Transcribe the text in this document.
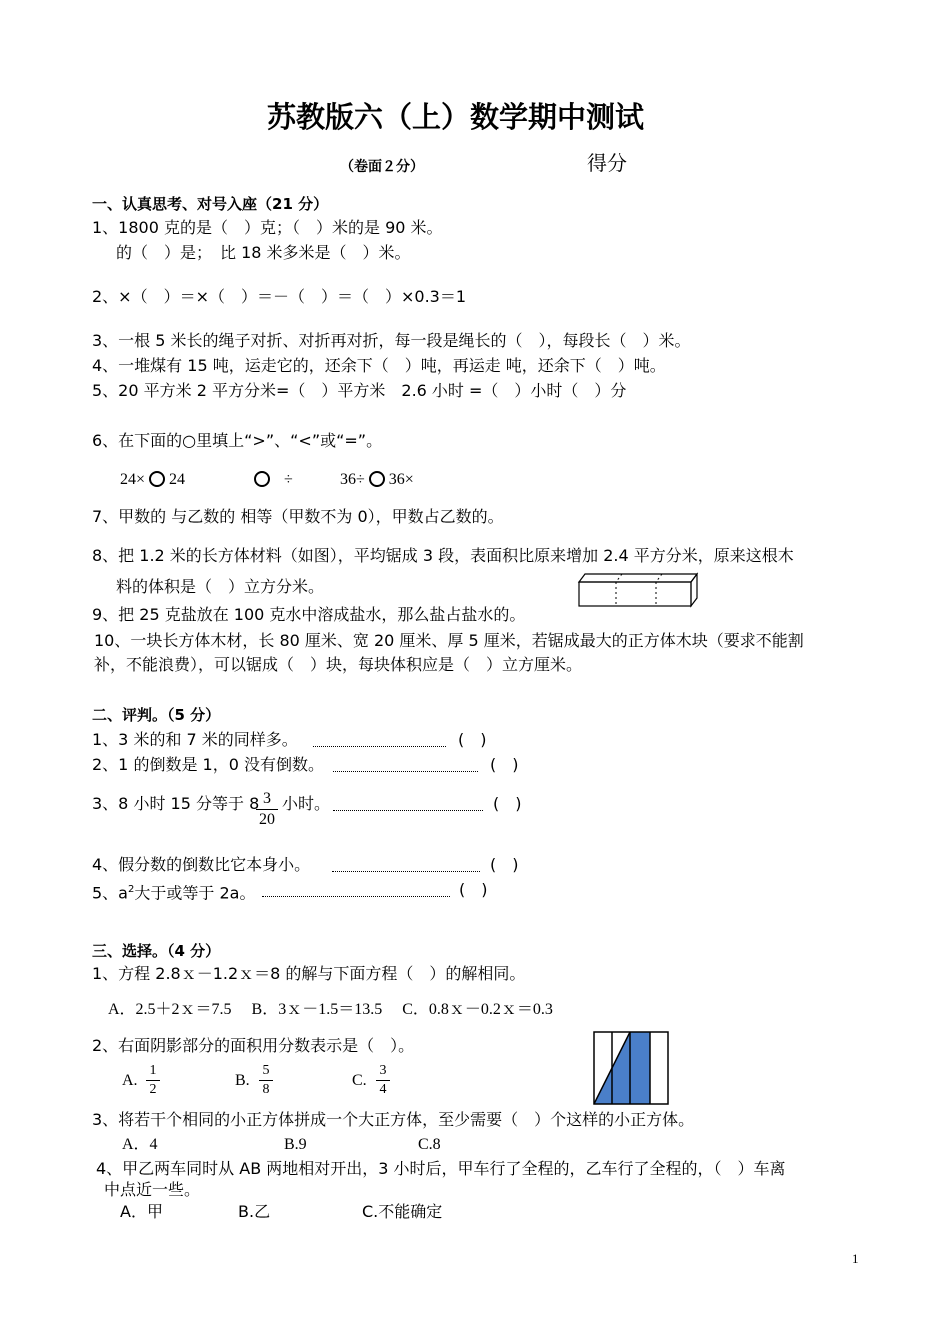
苏教版六（上）数学期中测试
（卷面２分）	得分
一、认真思考、对号入座（21 分）
1、1800 克的是（　）克；（　）米的是 90 米。
的（　）是；　比 18 米多米是（　）米。
2、×（　）＝×（　）＝－（　）＝（　）×0.3＝1
3、一根 5 米长的绳子对折、对折再对折，每一段是绳长的（　），每段长（　）米。
4、一堆煤有 15 吨，运走它的，还余下（　）吨，再运走 吨，还余下（　）吨。
5、20 平方米 2 平方分米=（　）平方米　2.6 小时 =（　）小时（　）分
6、在下面的○里填上“>”、“<”或“=”。
24× 24	÷	36÷ 36×
7、甲数的 与乙数的 相等（甲数不为 0），甲数占乙数的。
8、把 1.2 米的长方体材料（如图），平均锯成 3 段，表面积比原来增加 2.4 平方分米，原来这根木
料的体积是（　）立方分米。
9、把 25 克盐放在 100 克水中溶成盐水，那么盐占盐水的。
10、一块长方体木材，长 80 厘米、宽 20 厘米、厚 5 厘米，若锯成最大的正方体木块（要求不能割
补，不能浪费），可以锯成（　）块，每块体积应是（　）立方厘米。
二、评判。（5 分）
1、3 米的和 7 米的同样多。	(　)
2、1 的倒数是 1，0 没有倒数。	(　)
3、8 小时 15 分等于 8 3
20
小时。	(　)
4、假分数的倒数比它本身小。	(　)
5、$a^2$大于或等于 2a。	(　)
三、选择。（4 分）
1、方程 2.8ｘ－1.2ｘ＝8 的解与下面方程（　）的解相同。
A．2.5＋2ｘ＝7.5　 B．3ｘ－1.5＝13.5　 C．0.8ｘ－0.2ｘ＝0.3
2、右面阴影部分的面积用分数表示是（　）。
A.
1
2
B.
5
8
C.
3
4
3、将若干个相同的小正方体拼成一个大正方体，至少需要（　）个这样的小正方体。
A．4	B.9	C.8
4、甲乙两车同时从 AB 两地相对开出，3 小时后，甲车行了全程的，乙车行了全程的，（　）车离
中点近一些。
A．甲	B.乙	C.不能确定
1
